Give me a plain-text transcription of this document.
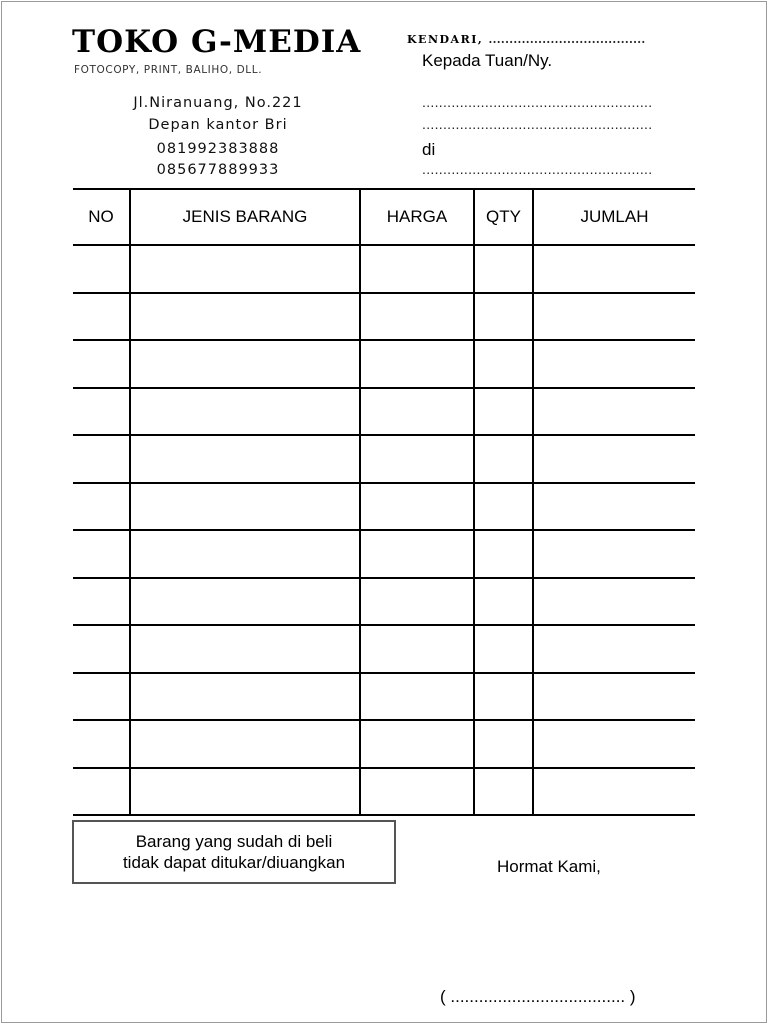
TOKO G-MEDIA
FOTOCOPY, PRINT, BALIHO, DLL.
Jl.Niranuang, No.221
Depan kantor Bri
081992383888
085677889933
KENDARI, ......................................
Kepada Tuan/Ny.
.......................................................
.......................................................
di
.......................................................
NO	JENIS BARANG	HARGA	QTY	JUMLAH

Barang yang sudah di beli
tidak dapat ditukar/diuangkan	Hormat Kami,
( ..................................... )
